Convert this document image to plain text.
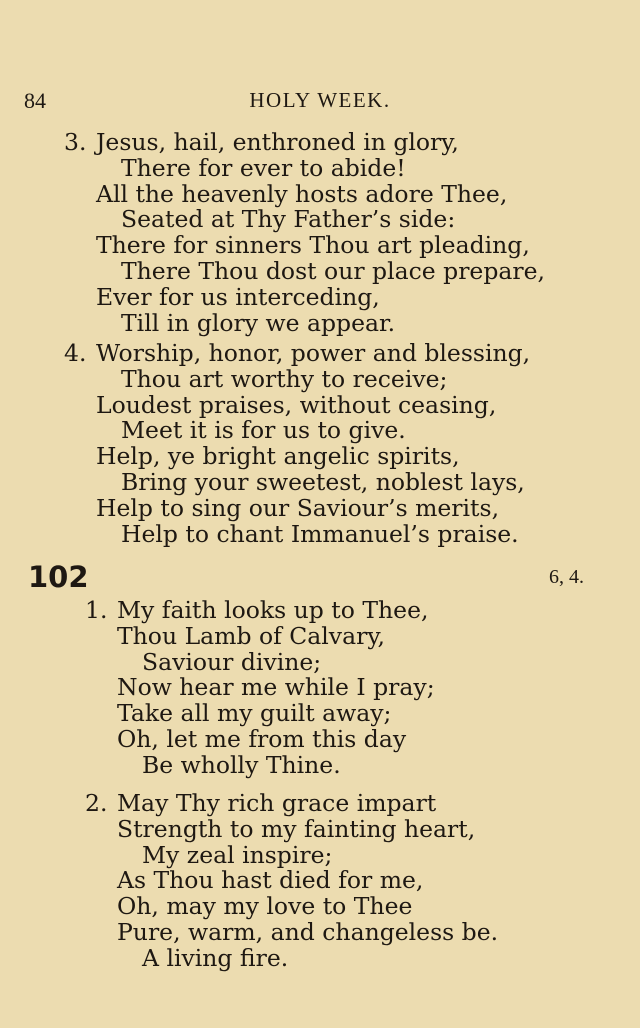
84	HOLY WEEK.
3. Jesus, hail, enthroned in glory,
There for ever to abide!
All the heavenly hosts adore Thee,
Seated at Thy Father’s side:
There for sinners Thou art pleading,
There Thou dost our place prepare,
Ever for us interceding,
Till in glory we appear.
4. Worship, honor, power and blessing,
Thou art worthy to receive;
Loudest praises, without ceasing,
Meet it is for us to give.
Help, ye bright angelic spirits,
Bring your sweetest, noblest lays,
Help to sing our Saviour’s merits,
Help to chant Immanuel’s praise.
102	6, 4.
1. My faith looks up to Thee,
Thou Lamb of Calvary,
Saviour divine;
Now hear me while I pray;
Take all my guilt away;
Oh, let me from this day
Be wholly Thine.
2. May Thy rich grace impart
Strength to my fainting heart,
My zeal inspire;
As Thou hast died for me,
Oh, may my love to Thee
Pure, warm, and changeless be.
A living fire.
